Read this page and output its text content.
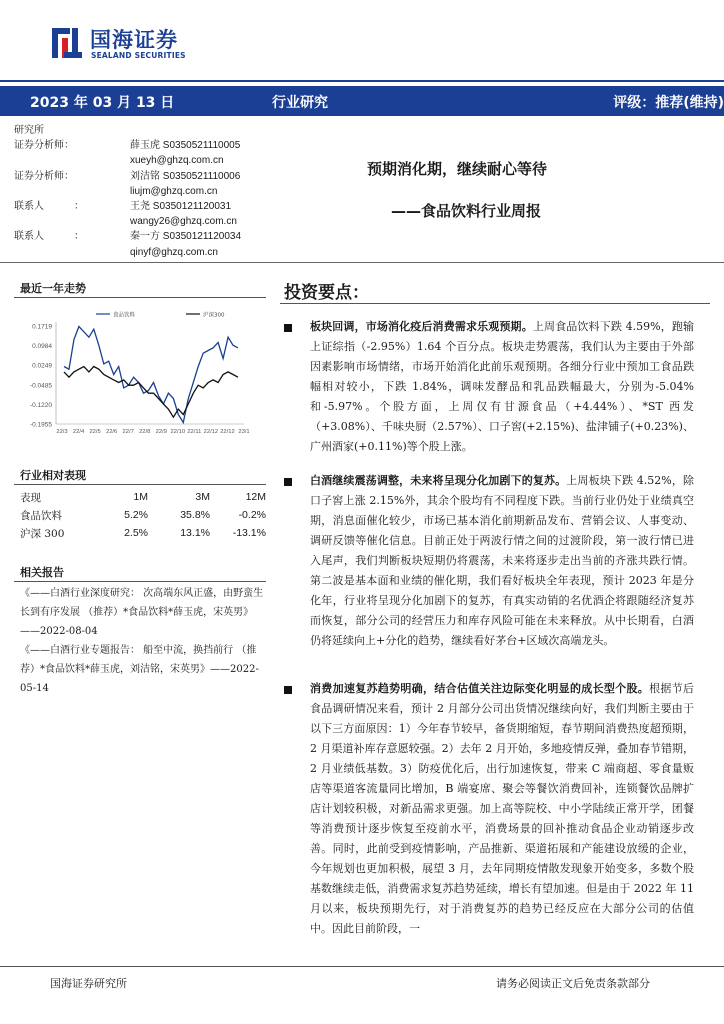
国海证券
SEALAND SECURITIES
2023 年 03 月 13 日	行业研究	评级：推荐(维持)
研究所
证券分析师：	薛玉虎 S0350521110005
xueyh@ghzq.com.cn
证券分析师：	刘洁铭 S0350521110006
liujm@ghzq.com.cn
联系人	：	王尧 S0350121120031
wangy26@ghzq.com.cn
联系人	：	秦一方 S0350121120034
qinyf@ghzq.com.cn
预期消化期，继续耐心等待
——食品饮料行业周报
最近一年走势
食品饮料	沪深300
0.1719
0.0984
0.0249
-0.0485
-0.1220
-0.1955
22/3 22/4 22/5 22/6 22/7 22/8 22/9 22/10 22/11 22/12 22/12 23/1
行业相对表现
表现	1M	3M	12M
食品饮料	5.2%	35.8%	-0.2%
沪深 300	2.5%	13.1%	-13.1%
相关报告
《——白酒行业深度研究： 次高端东风正盛，由野蛮生长到有序发展 （推荐）*食品饮料*薛玉虎，宋英男》——2022-08-04
《——白酒行业专题报告： 船至中流，换挡前行 （推荐）*食品饮料*薛玉虎，刘洁铭，宋英男》——2022-05-14
投资要点：
板块回调，市场消化疫后消费需求乐观预期。上周食品饮料下跌 4.59%，跑输上证综指（-2.95%）1.64 个百分点。板块走势震荡，我们认为主要由于外部因素影响市场情绪，市场开始消化此前乐观预期。各细分行业中预加工食品跌幅相对较小，下跌 1.84%，调味发酵品和乳品跌幅最大，分别为-5.04%和-5.97%。个股方面，上周仅有甘源食品（+4.44%）、*ST 西发（+3.08%）、千味央厨（2.57%）、口子窖(+2.15%)、盐津铺子(+0.23%)、广州酒家(+0.11%)等个股上涨。
白酒继续震荡调整，未来将呈现分化加剧下的复苏。上周板块下跌 4.52%，除口子窖上涨 2.15%外，其余个股均有不同程度下跌。当前行业仍处于业绩真空期，消息面催化较少，市场已基本消化前期新品发布、营销会议、人事变动、调研反馈等催化信息。目前正处于两波行情之间的过渡阶段，第一波行情已进入尾声，我们判断板块短期仍将震荡，未来将逐步走出当前的齐涨共跌行情。第二波是基本面和业绩的催化期，我们看好板块全年表现，预计 2023 年是分化年，行业将呈现分化加剧下的复苏，有真实动销的名优酒企将跟随经济复苏而恢复，部分公司的经营压力和库存风险可能在未来释放。从中长期看，白酒仍将延续向上+分化的趋势，继续看好茅台+区域次高端龙头。
消费加速复苏趋势明确，结合估值关注边际变化明显的成长型个股。根据节后食品调研情况来看，预计 2 月部分公司出货情况继续向好，我们判断主要由于以下三方面原因：1）今年春节较早，备货期缩短，春节期间消费热度超预期，2 月渠道补库存意愿较强。2）去年 2 月开始，多地疫情反弹，叠加春节错期，2 月业绩低基数。3）防疫优化后，出行加速恢复，带来 C 端商超、零食量贩店等渠道客流量同比增加，B 端宴席、聚会等餐饮消费回补，连锁餐饮品牌扩店计划较积极，对新品需求更强。加上高等院校、中小学陆续正常开学，团餐等消费预计逐步恢复至疫前水平，消费场景的回补推动食品企业动销逐步改善。同时，此前受到疫情影响，产品推新、渠道拓展和产能建设放缓的企业，今年规划也更加积极，展望 3 月，去年同期疫情散发现象开始变多，多数个股基数继续走低，消费需求复苏趋势延续，增长有望加速。但是由于 2022 年 11 月以来，板块预期先行，对于消费复苏的趋势已经反应在大部分公司的估值中。因此目前阶段，一
国海证券研究所	请务必阅读正文后免责条款部分
